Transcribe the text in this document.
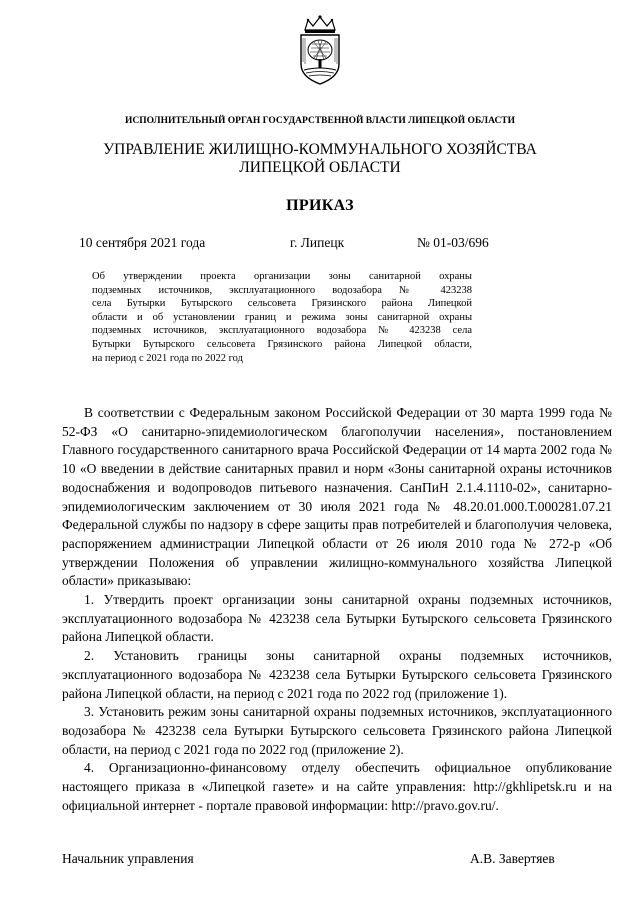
ИСПОЛНИТЕЛЬНЫЙ ОРГАН ГОСУДАРСТВЕННОЙ ВЛАСТИ ЛИПЕЦКОЙ ОБЛАСТИ
УПРАВЛЕНИЕ ЖИЛИЩНО-КОММУНАЛЬНОГО ХОЗЯЙСТВА
ЛИПЕЦКОЙ ОБЛАСТИ
ПРИКАЗ
10 сентября 2021 года	г. Липецк	№ 01-03/696
Об утверждении проекта организации зоны санитарной охраны
подземных источников, эксплуатационного водозабора № 423238
села Бутырки Бутырского сельсовета Грязинского района Липецкой
области и об установлении границ и режима зоны санитарной охраны
подземных источников, эксплуатационного водозабора № 423238 села
Бутырки Бутырского сельсовета Грязинского района Липецкой области,
на период с 2021 года по 2022 год

В соответствии с Федеральным законом Российской Федерации от 30 марта 1999 года № 52-ФЗ «О санитарно-эпидемиологическом благополучии населения», постановлением Главного государственного санитарного врача Российской Федерации от 14 марта 2002 года № 10 «О введении в действие санитарных правил и норм «Зоны санитарной охраны источников водоснабжения и водопроводов питьевого назначения. СанПиН 2.1.4.1110-02», санитарно-эпидемиологическим заключением от 30 июля 2021 года № 48.20.01.000.Т.000281.07.21 Федеральной службы по надзору в сфере защиты прав потребителей и благополучия человека, распоряжением администрации Липецкой области от 26 июля 2010 года № 272-р «Об утверждении Положения об управлении жилищно-коммунального хозяйства Липецкой области» приказываю:

1. Утвердить проект организации зоны санитарной охраны подземных источников, эксплуатационного водозабора № 423238 села Бутырки Бутырского сельсовета Грязинского района Липецкой области.

2. Установить границы зоны санитарной охраны подземных источников, эксплуатационного водозабора № 423238 села Бутырки Бутырского сельсовета Грязинского района Липецкой области, на период с 2021 года по 2022 год (приложение 1).

3. Установить режим зоны санитарной охраны подземных источников, эксплуатационного водозабора № 423238 села Бутырки Бутырского сельсовета Грязинского района Липецкой области, на период с 2021 года по 2022 год (приложение 2).

4. Организационно-финансовому отделу обеспечить официальное опубликование настоящего приказа в «Липецкой газете» и на сайте управления: http://gkhlipetsk.ru и на официальной интернет - портале правовой информации: http://pravo.gov.ru/.

Начальник управления	А.В. Завертяев
